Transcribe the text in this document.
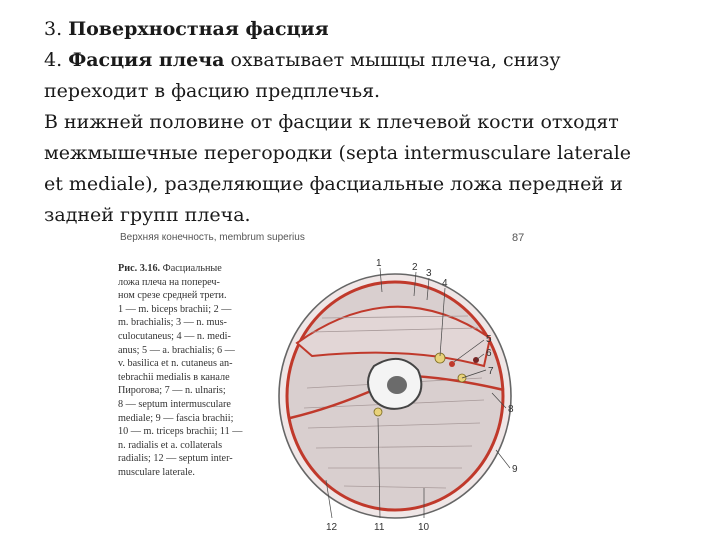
3. Поверхностная фасция

4. Фасция плеча охватывает мышцы плеча, снизу
переходит в фасцию предплечья.

В нижней половине от фасции к плечевой кости отходят
межмышечные перегородки (septa intermusculare laterale
et mediale), разделяющие фасциальные ложа передней и
задней групп плеча.

Верхняя конечность, membrum superius	87
Рис. 3.16. Фасциальные
ложа плеча на попереч-
ном срезе средней трети.
1 — m. biceps brachii; 2 —
m. brachialis; 3 — n. mus-
culocutaneus; 4 — n. medi-
anus; 5 — a. brachialis; 6 —
v. basilica et n. cutaneus an-
tebrachii medialis в канале
Пирогова; 7 — n. ulnaris;
8 — septum intermusculare
mediale; 9 — fascia brachii;
10 — m. triceps brachii; 11 —
n. radialis et a. collaterals
radialis; 12 — septum inter-
musculare laterale.
1	2
3
4
5
6
7
8
9
10
11
12
